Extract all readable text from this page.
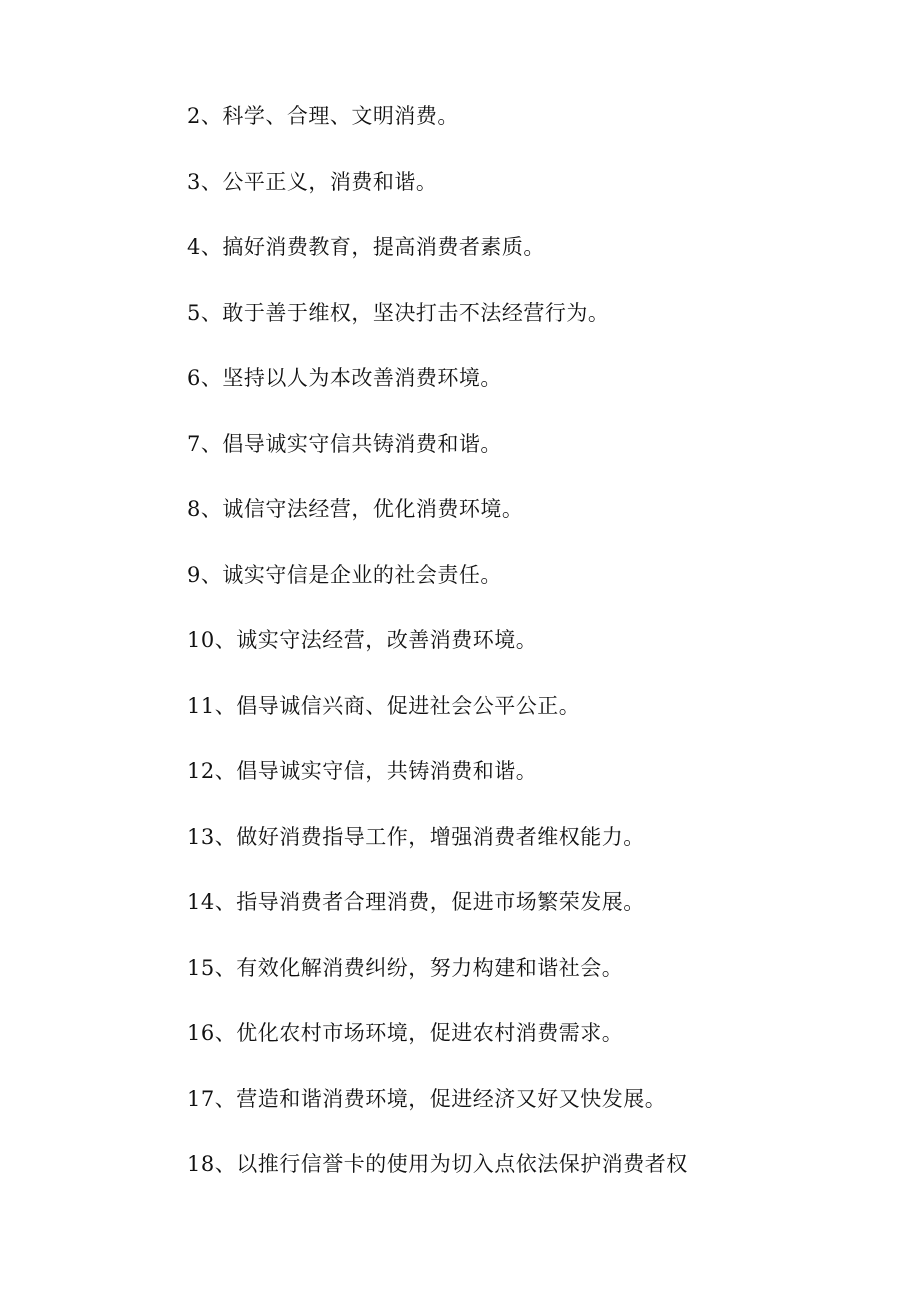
2、科学、合理、文明消费。
3、公平正义，消费和谐。
4、搞好消费教育，提高消费者素质。
5、敢于善于维权，坚决打击不法经营行为。
6、坚持以人为本改善消费环境。
7、倡导诚实守信共铸消费和谐。
8、诚信守法经营，优化消费环境。
9、诚实守信是企业的社会责任。
10、诚实守法经营，改善消费环境。
11、倡导诚信兴商、促进社会公平公正。
12、倡导诚实守信，共铸消费和谐。
13、做好消费指导工作，增强消费者维权能力。
14、指导消费者合理消费，促进市场繁荣发展。
15、有效化解消费纠纷，努力构建和谐社会。
16、优化农村市场环境，促进农村消费需求。
17、营造和谐消费环境，促进经济又好又快发展。
18、以推行信誉卡的使用为切入点依法保护消费者权
